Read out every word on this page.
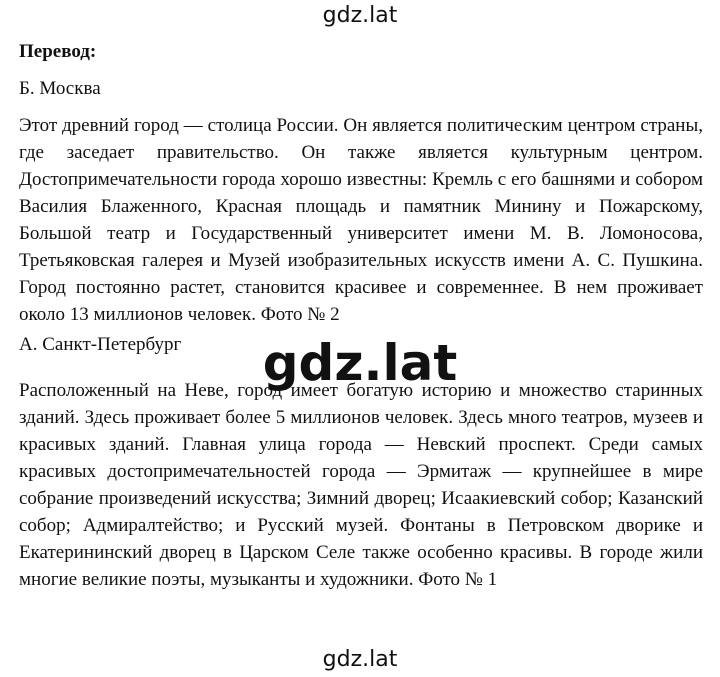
gdz.lat
Перевод:
Б. Москва
Этот древний город — столица России. Он является политическим центром страны, где заседает правительство. Он также является культурным центром. Достопримечательности города хорошо известны: Кремль с его башнями и собором Василия Блаженного, Красная площадь и памятник Минину и Пожарскому, Большой театр и Государственный университет имени М. В. Ломоносова, Третьяковская галерея и Музей изобразительных искусств имени А. С. Пушкина. Город постоянно растет, становится красивее и современнее. В нем проживает около 13 миллионов человек. Фото № 2
А. Санкт-Петербург
Расположенный на Неве, город имеет богатую историю и множество старинных зданий. Здесь проживает более 5 миллионов человек. Здесь много театров, музеев и красивых зданий. Главная улица города — Невский проспект. Среди самых красивых достопримечательностей города — Эрмитаж — крупнейшее в мире собрание произведений искусства; Зимний дворец; Исаакиевский собор; Казанский собор; Адмиралтейство; и Русский музей. Фонтаны в Петровском дворике и Екатерининский дворец в Царском Селе также особенно красивы. В городе жили многие великие поэты, музыканты и художники. Фото № 1
gdz.lat
gdz.lat
